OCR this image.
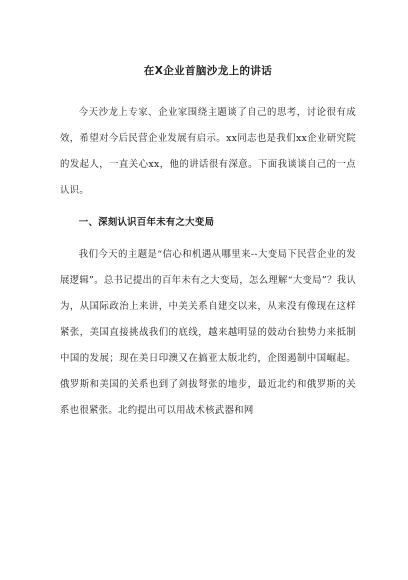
在X企业首脑沙龙上的讲话

今天沙龙上专家、企业家围绕主题谈了自己的思考，讨论很有成效，希望对今后民营企业发展有启示。xx同志也是我们xx企业研究院的发起人，一直关心xx，他的讲话很有深意。下面我谈谈自己的一点认识。

一、深刻认识百年未有之大变局

我们今天的主题是“信心和机遇从哪里来--大变局下民营企业的发展逻辑”。总书记提出的百年未有之大变局，怎么理解“大变局”？我认为，从国际政治上来讲，中美关系自建交以来，从来没有像现在这样紧张，美国直接挑战我们的底线，越来越明显的鼓动台独势力来抵制中国的发展；现在美日印澳又在搞亚太版北约，企图遏制中国崛起。俄罗斯和美国的关系也到了剑拔弩张的地步，最近北约和俄罗斯的关系也很紧张。北约提出可以用战术核武器和网
